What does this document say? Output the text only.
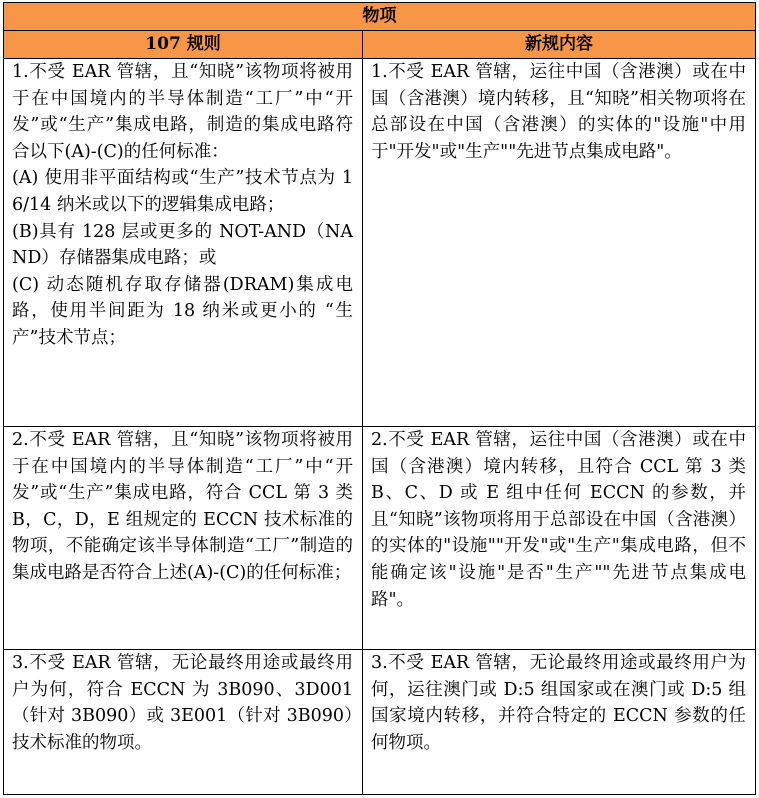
物项	
107 规则	新规内容

1.不受 EAR 管辖，且“知晓”该物项将被用于在中国境内的半导体制造“工厂”中“开发”或“生产”集成电路，制造的集成电路符合以下(A)-(C)的任何标准：

(A) 使用非平面结构或“生产”技术节点为 16/14 纳米或以下的逻辑集成电路；

(B)具有 128 层或更多的 NOT-AND（NAND）存储器集成电路；或

(C) 动态随机存取存储器(DRAM)集成电路，使用半间距为 18 纳米或更小的 “生产”技术节点；	1.不受 EAR 管辖，运往中国（含港澳）或在中国（含港澳）境内转移，且“知晓”相关物项将在总部设在中国（含港澳）的实体的"设施"中用于"开发"或"生产""先进节点集成电路"。

2.不受 EAR 管辖，且“知晓”该物项将被用于在中国境内的半导体制造“工厂”中“开发”或“生产”集成电路，符合 CCL 第 3 类 B，C，D，E 组规定的 ECCN 技术标准的物项，不能确定该半导体制造“工厂”制造的集成电路是否符合上述(A)-(C)的任何标准；	2.不受 EAR 管辖，运往中国（含港澳）或在中国（含港澳）境内转移，且符合 CCL 第 3 类 B、C、D 或 E 组中任何 ECCN 的参数，并且“知晓”该物项将用于总部设在中国（含港澳）的实体的"设施""开发"或"生产"集成电路，但不能确定该"设施"是否"生产""先进节点集成电路"。

3.不受 EAR 管辖，无论最终用途或最终用户为何，符合 ECCN 为 3B090、3D001（针对 3B090）或 3E001（针对 3B090）技术标准的物项。	3.不受 EAR 管辖，无论最终用途或最终用户为何，运往澳门或 D:5 组国家或在澳门或 D:5 组国家境内转移，并符合特定的 ECCN 参数的任何物项。
